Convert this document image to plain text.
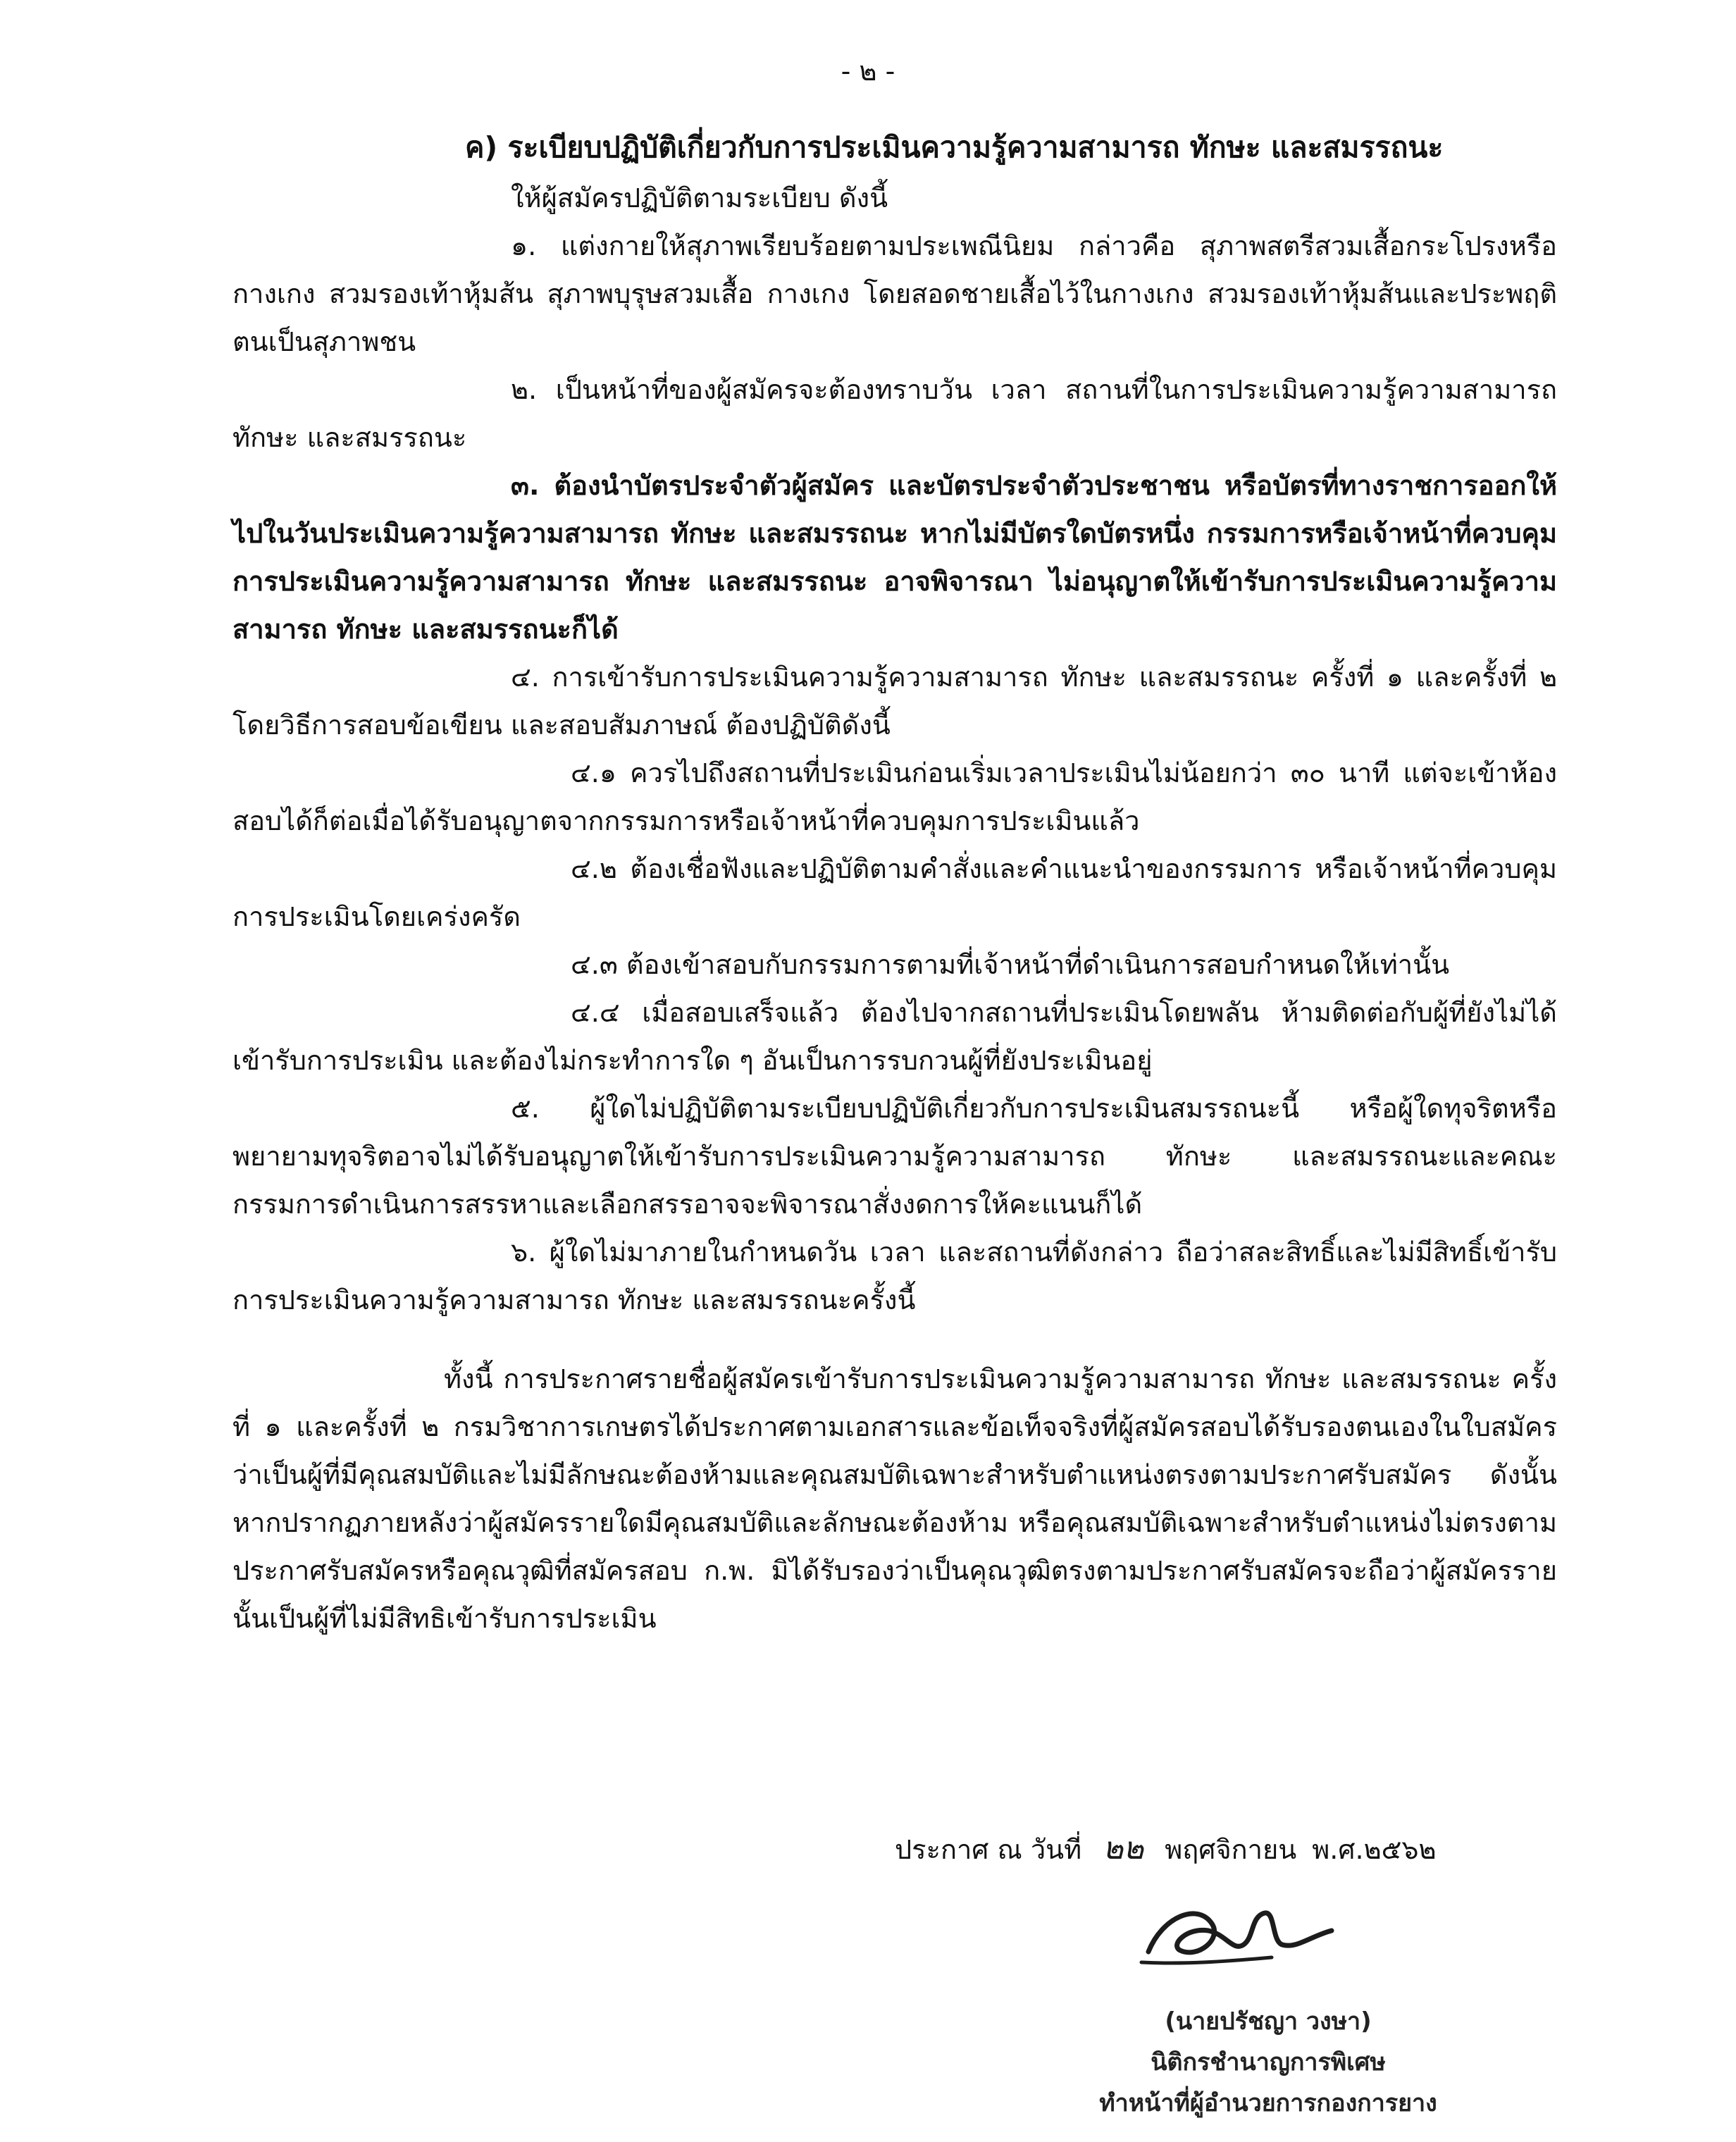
- ๒ -

ค) ระเบียบปฏิบัติเกี่ยวกับการประเมินความรู้ความสามารถ ทักษะ และสมรรถนะ

ให้ผู้สมัครปฏิบัติตามระเบียบ ดังนี้

๑. แต่งกายให้สุภาพเรียบร้อยตามประเพณีนิยม กล่าวคือ สุภาพสตรีสวมเสื้อกระโปรงหรือกางเกง สวมรองเท้าหุ้มส้น สุภาพบุรุษสวมเสื้อ กางเกง โดยสอดชายเสื้อไว้ในกางเกง สวมรองเท้าหุ้มส้นและประพฤติตนเป็นสุภาพชน

๒. เป็นหน้าที่ของผู้สมัครจะต้องทราบวัน เวลา สถานที่ในการประเมินความรู้ความสามารถ ทักษะ และสมรรถนะ

๓. ต้องนำบัตรประจำตัวผู้สมัคร และบัตรประจำตัวประชาชน หรือบัตรที่ทางราชการออกให้ไปในวันประเมินความรู้ความสามารถ ทักษะ และสมรรถนะ หากไม่มีบัตรใดบัตรหนึ่ง กรรมการหรือเจ้าหน้าที่ควบคุมการประเมินความรู้ความสามารถ ทักษะ และสมรรถนะ อาจพิจารณา ไม่อนุญาตให้เข้ารับการประเมินความรู้ความสามารถ ทักษะ และสมรรถนะก็ได้

๔. การเข้ารับการประเมินความรู้ความสามารถ ทักษะ และสมรรถนะ ครั้งที่ ๑ และครั้งที่ ๒ โดยวิธีการสอบข้อเขียน และสอบสัมภาษณ์ ต้องปฏิบัติดังนี้

๔.๑ ควรไปถึงสถานที่ประเมินก่อนเริ่มเวลาประเมินไม่น้อยกว่า ๓๐ นาที แต่จะเข้าห้องสอบได้ก็ต่อเมื่อได้รับอนุญาตจากกรรมการหรือเจ้าหน้าที่ควบคุมการประเมินแล้ว

๔.๒ ต้องเชื่อฟังและปฏิบัติตามคำสั่งและคำแนะนำของกรรมการ หรือเจ้าหน้าที่ควบคุมการประเมินโดยเคร่งครัด

๔.๓ ต้องเข้าสอบกับกรรมการตามที่เจ้าหน้าที่ดำเนินการสอบกำหนดให้เท่านั้น

๔.๔ เมื่อสอบเสร็จแล้ว ต้องไปจากสถานที่ประเมินโดยพลัน ห้ามติดต่อกับผู้ที่ยังไม่ได้เข้ารับการประเมิน และต้องไม่กระทำการใด ๆ อันเป็นการรบกวนผู้ที่ยังประเมินอยู่

๕. ผู้ใดไม่ปฏิบัติตามระเบียบปฏิบัติเกี่ยวกับการประเมินสมรรถนะนี้ หรือผู้ใดทุจริตหรือพยายามทุจริตอาจไม่ได้รับอนุญาตให้เข้ารับการประเมินความรู้ความสามารถ ทักษะ และสมรรถนะและคณะกรรมการดำเนินการสรรหาและเลือกสรรอาจจะพิจารณาสั่งงดการให้คะแนนก็ได้

๖. ผู้ใดไม่มาภายในกำหนดวัน เวลา และสถานที่ดังกล่าว ถือว่าสละสิทธิ์และไม่มีสิทธิ์เข้ารับการประเมินความรู้ความสามารถ ทักษะ และสมรรถนะครั้งนี้

ทั้งนี้ การประกาศรายชื่อผู้สมัครเข้ารับการประเมินความรู้ความสามารถ ทักษะ และสมรรถนะ ครั้งที่ ๑ และครั้งที่ ๒ กรมวิชาการเกษตรได้ประกาศตามเอกสารและข้อเท็จจริงที่ผู้สมัครสอบได้รับรองตนเองในใบสมัครว่าเป็นผู้ที่มีคุณสมบัติและไม่มีลักษณะต้องห้ามและคุณสมบัติเฉพาะสำหรับตำแหน่งตรงตามประกาศรับสมัคร ดังนั้น หากปรากฏภายหลังว่าผู้สมัครรายใดมีคุณสมบัติและลักษณะต้องห้าม หรือคุณสมบัติเฉพาะสำหรับตำแหน่งไม่ตรงตามประกาศรับสมัครหรือคุณวุฒิที่สมัครสอบ ก.พ. มิได้รับรองว่าเป็นคุณวุฒิตรงตามประกาศรับสมัครจะถือว่าผู้สมัครรายนั้นเป็นผู้ที่ไม่มีสิทธิเข้ารับการประเมิน

ประกาศ ณ วันที่ ๒๒ พฤศจิกายน พ.ศ.๒๕๖๒
(นายปรัชญา วงษา)
นิติกรชำนาญการพิเศษ
ทำหน้าที่ผู้อำนวยการกองการยาง
